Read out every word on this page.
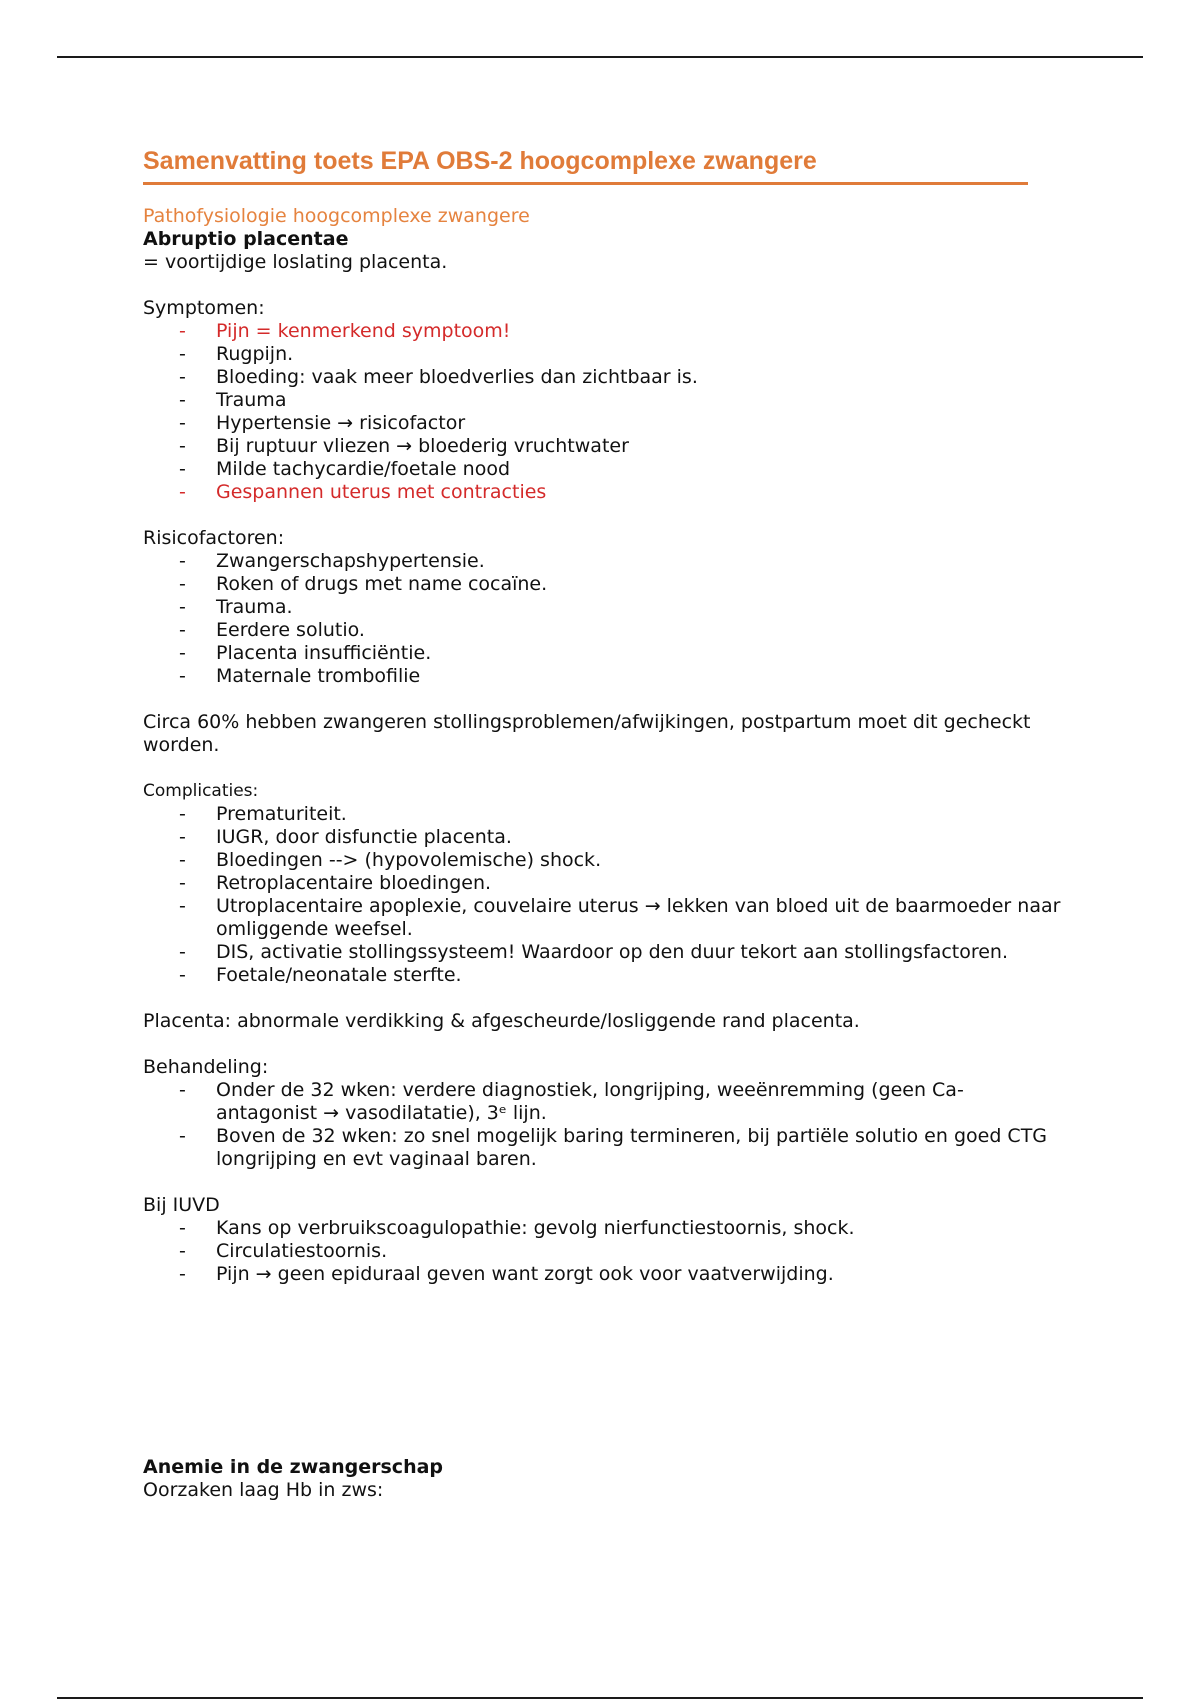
Samenvatting toets EPA OBS-2 hoogcomplexe zwangere

Pathofysiologie hoogcomplexe zwangere

Abruptio placentae

= voortijdige loslating placenta.

Symptomen:

- Pijn = kenmerkend symptoom!
- Rugpijn.
- Bloeding: vaak meer bloedverlies dan zichtbaar is.
- Trauma
- Hypertensie → risicofactor
- Bij ruptuur vliezen → bloederig vruchtwater
- Milde tachycardie/foetale nood
- Gespannen uterus met contracties

Risicofactoren:

- Zwangerschapshypertensie.
- Roken of drugs met name cocaïne.
- Trauma.
- Eerdere solutio.
- Placenta insufficiëntie.
- Maternale trombofilie

Circa 60% hebben zwangeren stollingsproblemen/afwijkingen, postpartum moet dit gecheckt worden.

Complicaties:

- Prematuriteit.
- IUGR, door disfunctie placenta.
- Bloedingen --> (hypovolemische) shock.
- Retroplacentaire bloedingen.
- Utroplacentaire apoplexie, couvelaire uterus → lekken van bloed uit de baarmoeder naar omliggende weefsel.
- DIS, activatie stollingssysteem! Waardoor op den duur tekort aan stollingsfactoren.
- Foetale/neonatale sterfte.

Placenta: abnormale verdikking & afgescheurde/losliggende rand placenta.

Behandeling:

- Onder de 32 wken: verdere diagnostiek, longrijping, weeënremming (geen Ca-antagonist → vasodilatatie), 3ᵉ lijn.
- Boven de 32 wken: zo snel mogelijk baring termineren, bij partiële solutio en goed CTG longrijping en evt vaginaal baren.

Bij IUVD

- Kans op verbruikscoagulopathie: gevolg nierfunctiestoornis, shock.
- Circulatiestoornis.
- Pijn → geen epiduraal geven want zorgt ook voor vaatverwijding.

Anemie in de zwangerschap

Oorzaken laag Hb in zws:
